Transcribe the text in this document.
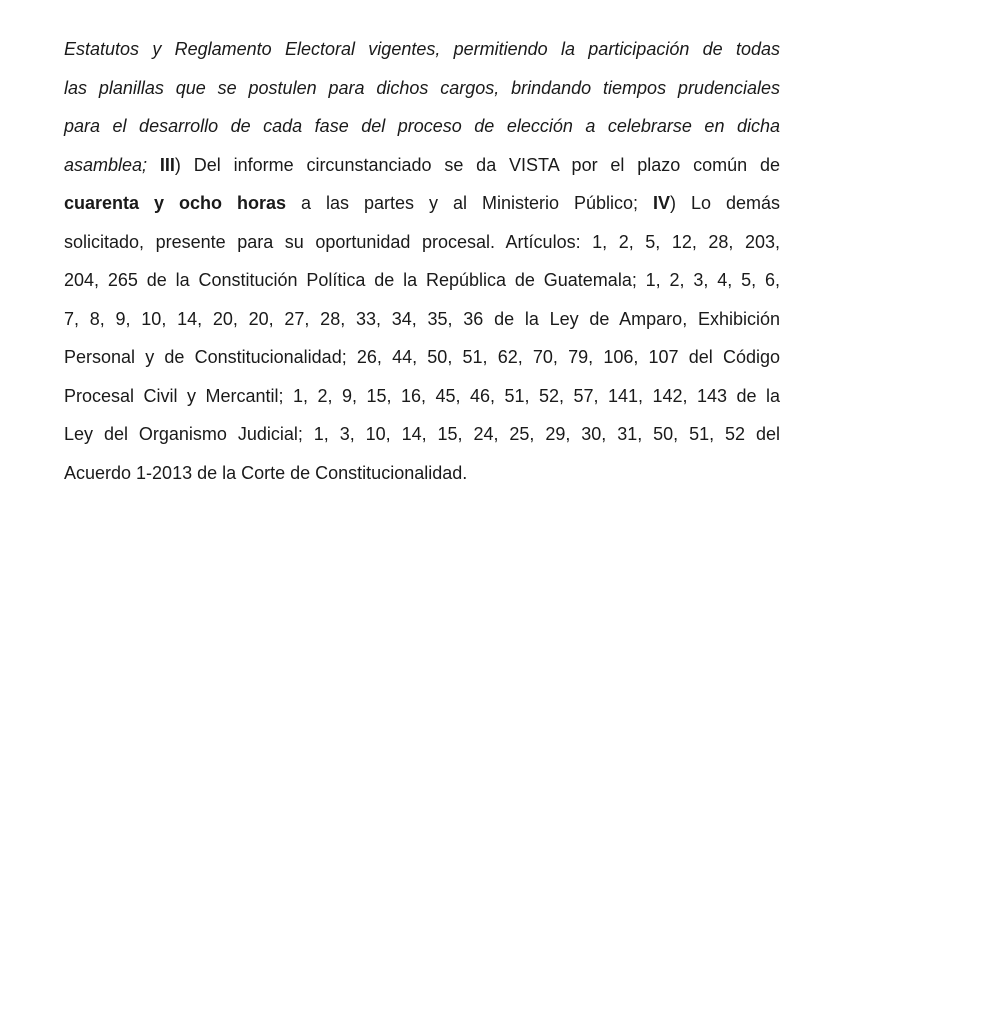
Estatutos y Reglamento Electoral vigentes, permitiendo la participación de todas
las planillas que se postulen para dichos cargos, brindando tiempos prudenciales
para el desarrollo de cada fase del proceso de elección a celebrarse en dicha
asamblea; III) Del informe circunstanciado se da VISTA por el plazo común de
cuarenta y ocho horas a las partes y al Ministerio Público; IV) Lo demás
solicitado, presente para su oportunidad procesal. Artículos: 1, 2, 5, 12, 28, 203,
204, 265 de la Constitución Política de la República de Guatemala; 1, 2, 3, 4, 5, 6,
7, 8, 9, 10, 14, 20, 20, 27, 28, 33, 34, 35, 36 de la Ley de Amparo, Exhibición
Personal y de Constitucionalidad; 26, 44, 50, 51, 62, 70, 79, 106, 107 del Código
Procesal Civil y Mercantil; 1, 2, 9, 15, 16, 45, 46, 51, 52, 57, 141, 142, 143 de la
Ley del Organismo Judicial; 1, 3, 10, 14, 15, 24, 25, 29, 30, 31, 50, 51, 52 del
Acuerdo 1-2013 de la Corte de Constitucionalidad.
